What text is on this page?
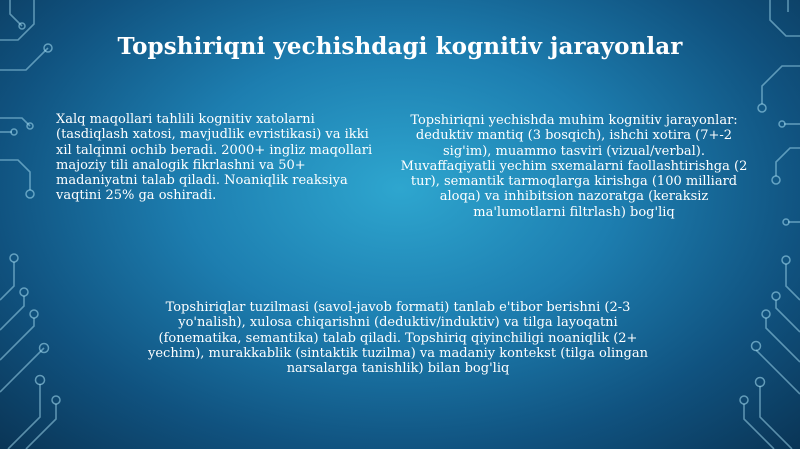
Topshiriqni yechishdagi kognitiv jarayonlar
Xalq maqollari tahlili kognitiv xatolarni (tasdiqlash xatosi, mavjudlik evristikasi) va ikki xil talqinni ochib beradi. 2000+ ingliz maqollari majoziy tili analogik fikrlashni va 50+ madaniyatni talab qiladi. Noaniqlik reaksiya vaqtini 25% ga oshiradi.
Topshiriqni yechishda muhim kognitiv jarayonlar: deduktiv mantiq (3 bosqich), ishchi xotira (7+-2 sig'im), muammo tasviri (vizual/verbal). Muvaffaqiyatli yechim sxemalarni faollashtirishga (2 tur), semantik tarmoqlarga kirishga (100 milliard aloqa) va inhibitsion nazoratga (keraksiz ma'lumotlarni filtrlash) bog'liq
Topshiriqlar tuzilmasi (savol-javob formati) tanlab e'tibor berishni (2-3 yo'nalish), xulosa chiqarishni (deduktiv/induktiv) va tilga layoqatni (fonematika, semantika) talab qiladi. Topshiriq qiyinchiligi noaniqlik (2+ yechim), murakkablik (sintaktik tuzilma) va madaniy kontekst (tilga olingan narsalarga tanishlik) bilan bog'liq
